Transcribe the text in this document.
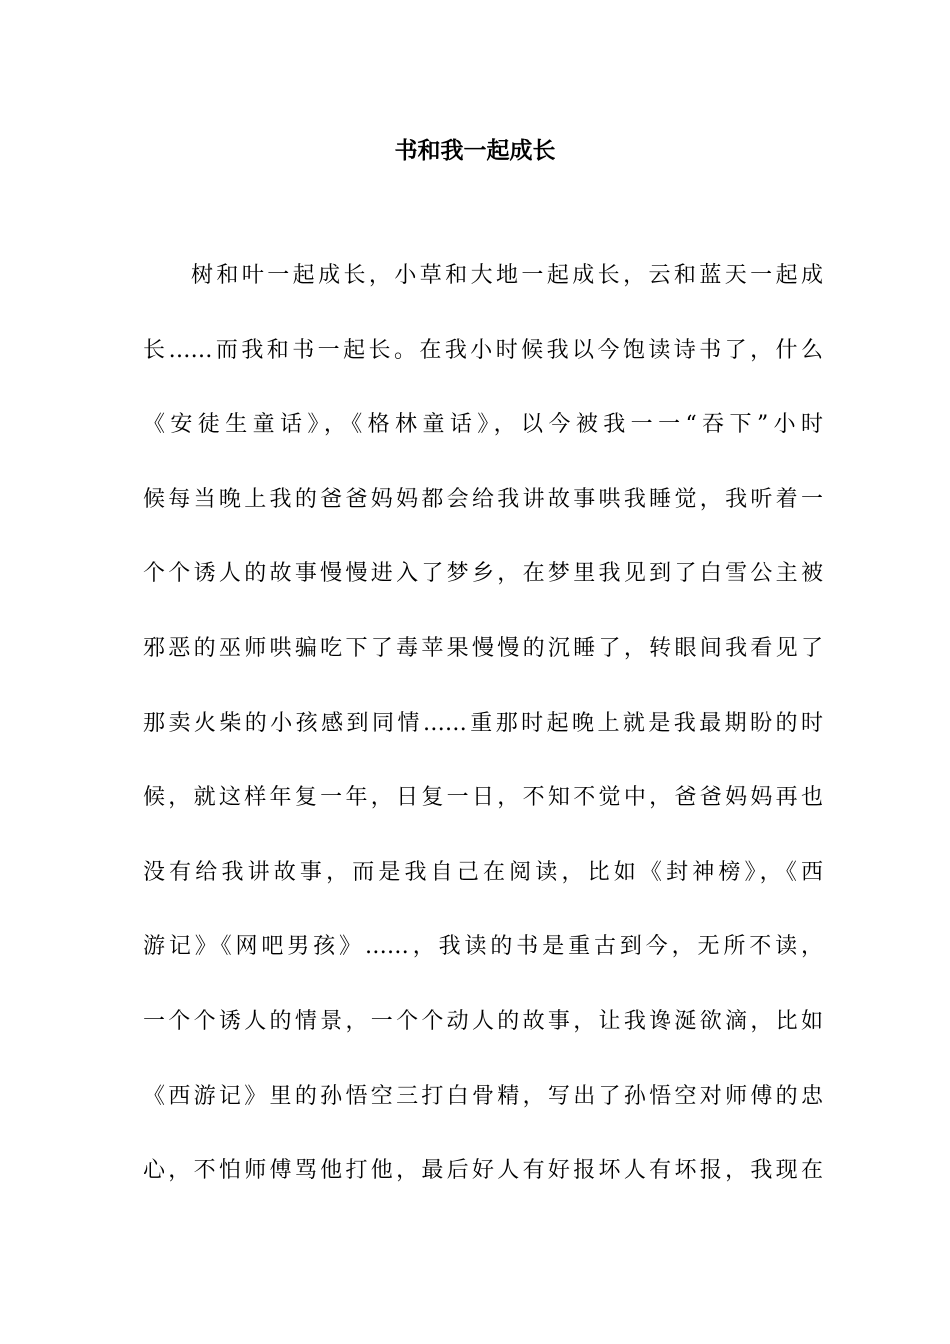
书和我一起成长
树和叶一起成长，小草和大地一起成长，云和蓝天一起成
长……而我和书一起长。在我小时候我以今饱读诗书了，什么
《安徒生童话》，《格林童话》，以今被我一一“吞下”小时
候每当晚上我的爸爸妈妈都会给我讲故事哄我睡觉，我听着一
个个诱人的故事慢慢进入了梦乡，在梦里我见到了白雪公主被
邪恶的巫师哄骗吃下了毒苹果慢慢的沉睡了，转眼间我看见了
那卖火柴的小孩感到同情……重那时起晚上就是我最期盼的时
候，就这样年复一年，日复一日，不知不觉中，爸爸妈妈再也
没有给我讲故事，而是我自己在阅读，比如《封神榜》，《西
游记》《网吧男孩》……，我读的书是重古到今，无所不读，
一个个诱人的情景，一个个动人的故事，让我谗涎欲滴，比如
《西游记》里的孙悟空三打白骨精，写出了孙悟空对师傅的忠
心，不怕师傅骂他打他，最后好人有好报坏人有坏报，我现在
